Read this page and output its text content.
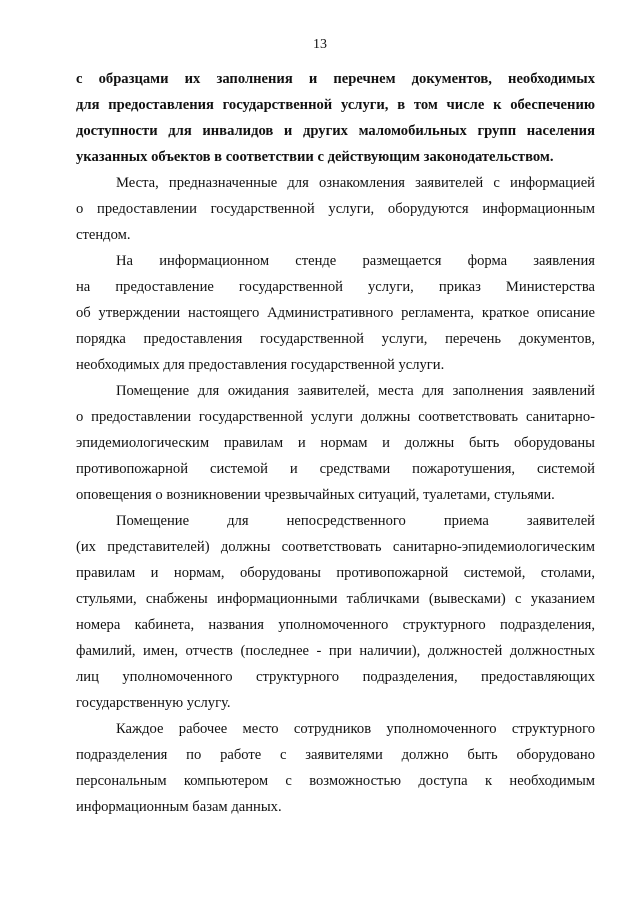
13
с образцами их заполнения и перечнем документов, необходимых
для предоставления государственной услуги, в том числе к обеспечению
доступности для инвалидов и других маломобильных групп населения
указанных объектов в соответствии с действующим законодательством.
Места, предназначенные для ознакомления заявителей с информацией
о предоставлении государственной услуги, оборудуются информационным
стендом.
На информационном стенде размещается форма заявления
на предоставление государственной услуги, приказ Министерства
об утверждении настоящего Административного регламента, краткое описание
порядка предоставления государственной услуги, перечень документов,
необходимых для предоставления государственной услуги.
Помещение для ожидания заявителей, места для заполнения заявлений
о предоставлении государственной услуги должны соответствовать санитарно-
эпидемиологическим правилам и нормам и должны быть оборудованы
противопожарной системой и средствами пожаротушения, системой
оповещения о возникновении чрезвычайных ситуаций, туалетами, стульями.
Помещение для непосредственного приема заявителей
(их представителей) должны соответствовать санитарно-эпидемиологическим
правилам и нормам, оборудованы противопожарной системой, столами,
стульями, снабжены информационными табличками (вывесками) с указанием
номера кабинета, названия уполномоченного структурного подразделения,
фамилий, имен, отчеств (последнее - при наличии), должностей должностных
лиц уполномоченного структурного подразделения, предоставляющих
государственную услугу.
Каждое рабочее место сотрудников уполномоченного структурного
подразделения по работе с заявителями должно быть оборудовано
персональным компьютером с возможностью доступа к необходимым
информационным базам данных.
